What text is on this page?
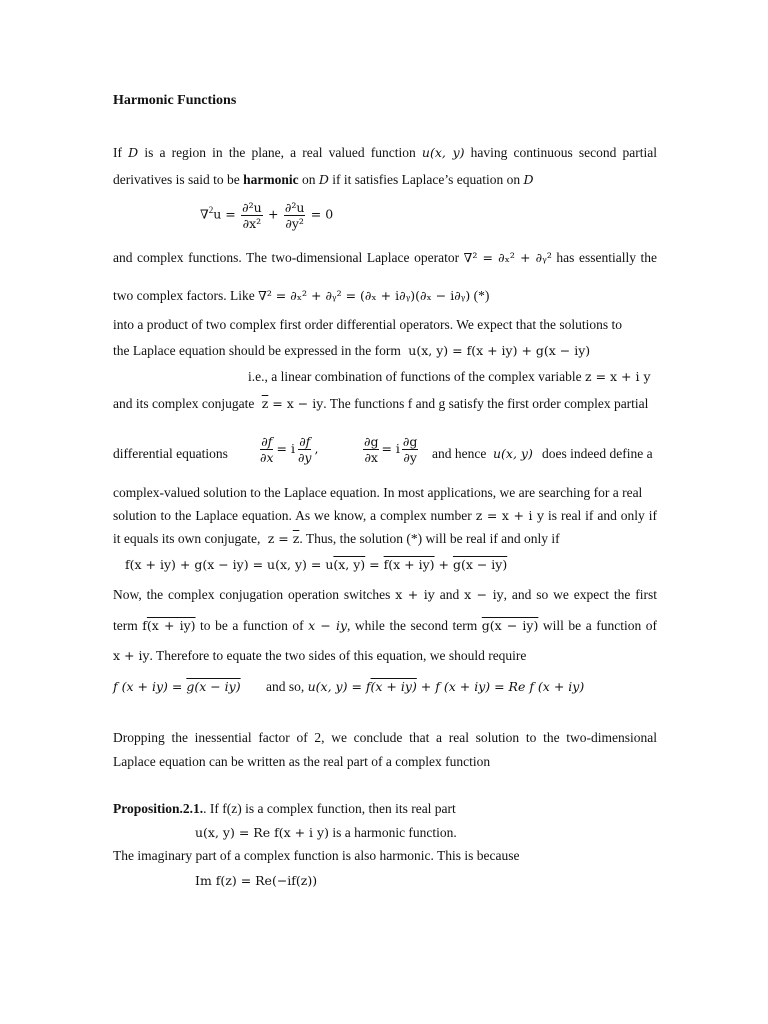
Harmonic Functions
If D is a region in the plane, a real valued function u(x, y) having continuous second partial
derivatives is said to be harmonic on D if it satisfies Laplace’s equation on D
$\nabla^2u = \frac{\text{∂²u}}{\text{∂x²}} + \frac{\text{∂²u}}{\text{∂y²}} = 0$
and complex functions. The two-dimensional Laplace operator ∇² = ∂ₓ² + ∂ᵧ² has essentially the
two complex factors. Like ∇² = ∂ₓ² + ∂ᵧ² = (∂ₓ + i∂ᵧ)(∂ₓ − i∂ᵧ) (*)
into a product of two complex first order differential operators. We expect that the solutions to
the Laplace equation should be expressed in the form u(x, y) = f(x + iy) + g(x − iy)
i.e., a linear combination of functions of the complex variable z = x + i y
and its complex conjugate $\overline{z} = x$ − iy. The functions f and g satisfy the first order complex partial
differential equations $\frac{\partial f}{\partial x} = i \frac{\partial f}{\partial y}$ ,	$\frac{\partial g}{\partial x} = i \frac{\partial g}{\partial y}$ and hence u(x, y) does indeed define a
complex-valued solution to the Laplace equation. In most applications, we are searching for a real
solution to the Laplace equation. As we know, a complex number z = x + i y is real if and only if
it equals its own conjugate, $z = \overline{z}$. Thus, the solution (*) will be real if and only if
f(x + iy) + g(x − iy) = u(x, y) = u(x, y) = f(x + iy) + g(x − iy)
Now, the complex conjugation operation switches x + iy and x − iy, and so we expect the first
term f(x + iy) to be a function of x − iy, while the second term g(x − iy) will be a function of
x + iy. Therefore to equate the two sides of this equation, we should require
f (x + iy) = g(x − iy) and so, u(x, y) = f(x + iy) + f (x + iy) = Re f (x + iy)
Dropping the inessential factor of 2, we conclude that a real solution to the two-dimensional
Laplace equation can be written as the real part of a complex function
Proposition.2.1.. If f(z) is a complex function, then its real part
u(x, y) = Re f(x + i y) is a harmonic function.
The imaginary part of a complex function is also harmonic. This is because
Im f(z) = Re(−if(z))
